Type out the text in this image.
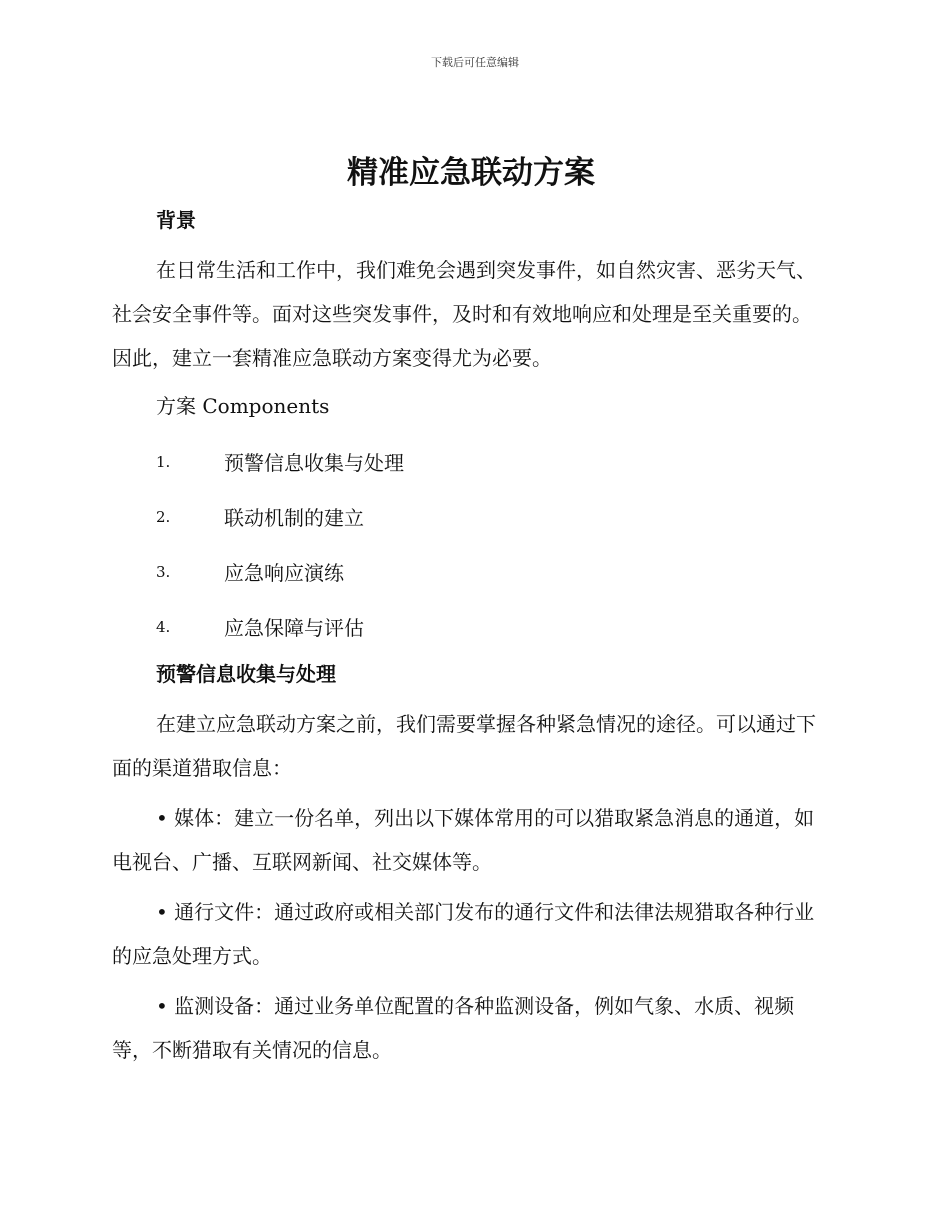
下载后可任意编辑
精准应急联动方案
背景

在日常生活和工作中，我们难免会遇到突发事件，如自然灾害、恶劣天气、社会安全事件等。面对这些突发事件，及时和有效地响应和处理是至关重要的。因此，建立一套精准应急联动方案变得尤为必要。

方案 Components
1.	预警信息收集与处理
2.	联动机制的建立
3.	应急响应演练
4.	应急保障与评估
预警信息收集与处理

在建立应急联动方案之前，我们需要掌握各种紧急情况的途径。可以通过下面的渠道猎取信息：

• 媒体：建立一份名单，列出以下媒体常用的可以猎取紧急消息的通道，如电视台、广播、互联网新闻、社交媒体等。

• 通行文件：通过政府或相关部门发布的通行文件和法律法规猎取各种行业的应急处理方式。

• 监测设备：通过业务单位配置的各种监测设备，例如气象、水质、视频等，不断猎取有关情况的信息。
